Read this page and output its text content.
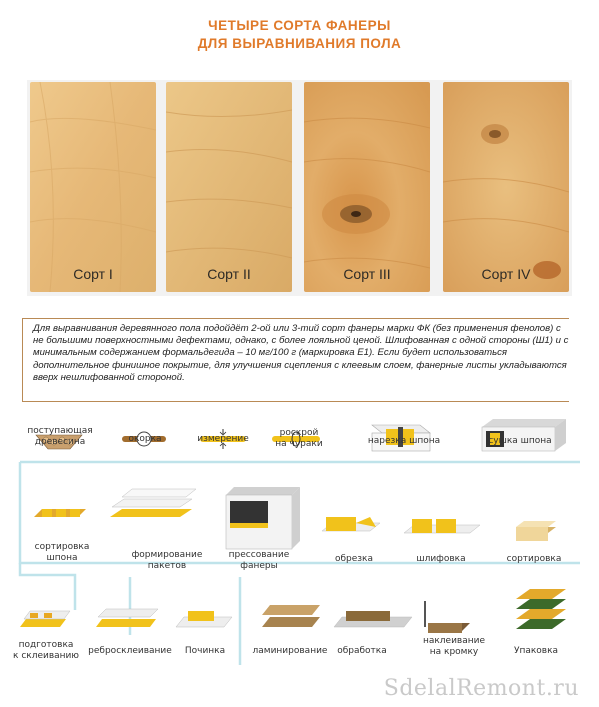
ЧЕТЫРЕ СОРТА ФАНЕРЫ
ДЛЯ ВЫРАВНИВАНИЯ ПОЛА
Сорт I	Сорт II	Сорт III	Сорт IV

Для выравнивания деревянного пола подойдёт 2-ой или 3-тий сорт фанеры марки ФК (без применения фенолов) с не большими поверхностными дефектами, однако, с более лояльной ценой. Шлифованная с одной стороны (Ш1) и с минимальным содержанием формальдегида – 10 мг/100 г (маркировка Е1). Если будет использоваться дополнительное финишное покрытие, для улучшения сцепления с клеевым слоем, фанерные листы укладываются вверх нешлифованной стороной.

поступающая
древесина	окорка	измерение
роскрой
на чураки	нарезка шпона	сушка шпона
сортировка
шпона	формирование
пакетов
прессование
фанеры
обрезка	шлифовка	сортировка
подготовка
к склеиванию	ребросклеивание	Починка	ламинирование	обработка
наклеивание
на кромку	Упаковка
SdelalRemont.ru
